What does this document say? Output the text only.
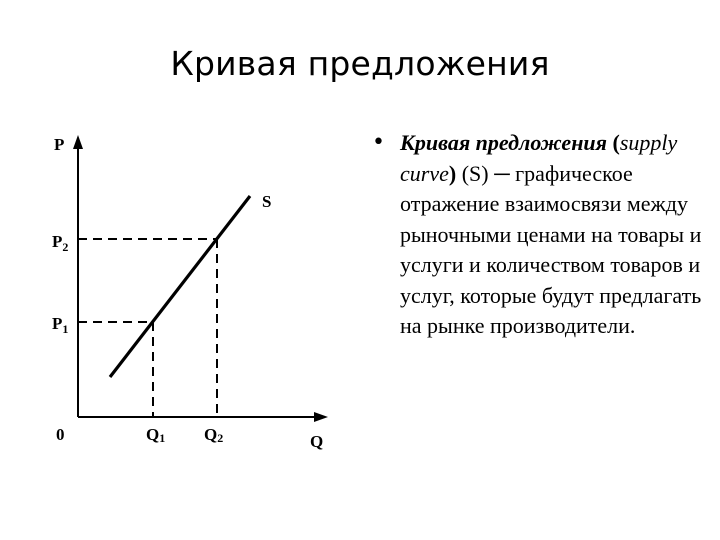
Кривая предложения
P
S
$P_2$
$P_1$
0	Q1 Q2	Q
• Кривая предложения (supply curve) (S) ─ графическое отражение взаимосвязи между рыночными ценами на товары и услуги и количеством товаров и услуг, которые будут предлагать на рынке производители.
